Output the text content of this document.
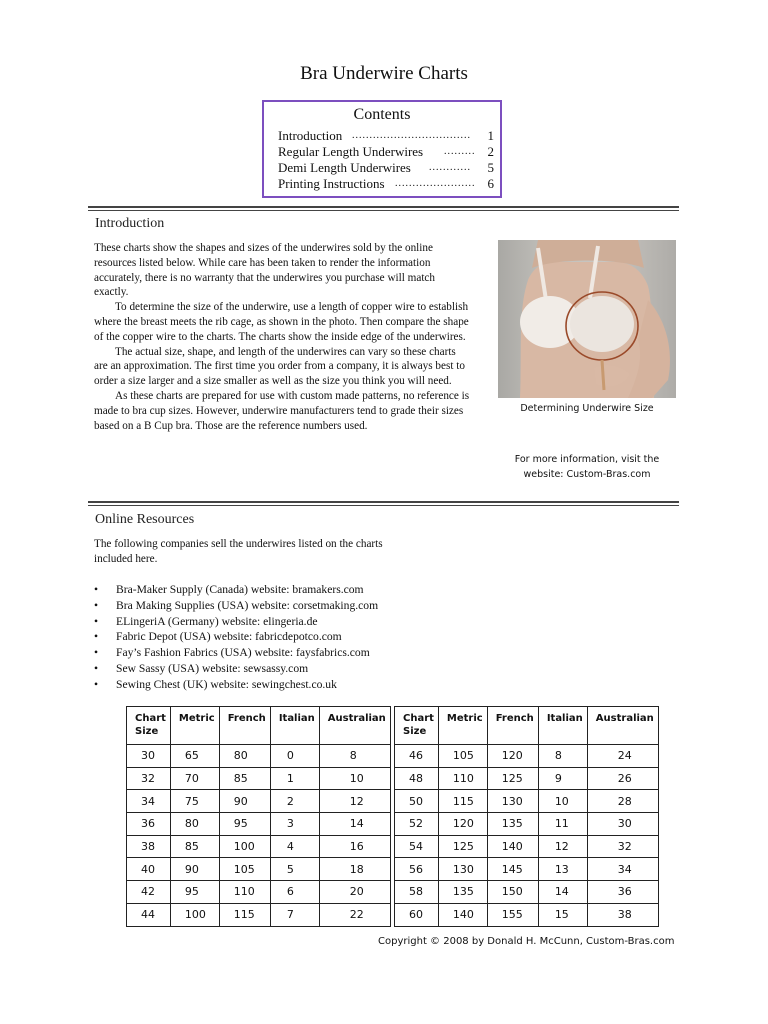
Bra Underwire Charts
Contents
Introduction ..................................	1
Regular Length Underwires ......... 2
Demi Length Underwires ............	5
Printing Instructions ....................... 6
Introduction

These charts show the shapes and sizes of the underwires sold by the online resources listed below. While care has been taken to render the information accurately, there is no warranty that the underwires you purchase will match exactly.

To determine the size of the underwire, use a length of copper wire to establish where the breast meets the rib cage, as shown in the photo. Then compare the shape of the copper wire to the charts. The charts show the inside edge of the underwires.

The actual size, shape, and length of the underwires can vary so these charts are an approximation. The first time you order from a company, it is always best to order a size larger and a size smaller as well as the size you think you will need.

As these charts are prepared for use with custom made patterns, no reference is made to bra cup sizes. However, underwire manufacturers tend to grade their sizes based on a B Cup bra. Those are the reference numbers used.

Determining Underwire Size
For more information, visit the website: Custom-Bras.com
Online Resources
The following companies sell the underwires listed on the charts included here.
• Bra-Maker Supply (Canada) website: bramakers.com
• Bra Making Supplies (USA) website: corsetmaking.com
• ELingeriA (Germany) website: elingeria.de
• Fabric Depot (USA) website: fabricdepotco.com
• Fay’s Fashion Fabrics (USA) website: faysfabrics.com
• Sew Sassy (USA) website: sewsassy.com
• Sewing Chest (UK) website: sewingchest.co.uk
Chart Size	Metric	French	Italian	Australian
30	65	80	0	8
32	70	85	1	10
34	75	90	2	12
36	80	95	3	14
38	85	100	4	16
40	90	105	5	18
42	95	110	6	20
44	100	115	7	22
Chart Size	Metric	French	Italian	Australian
46	105	120	8	24
48	110	125	9	26
50	115	130	10	28
52	120	135	11	30
54	125	140	12	32
56	130	145	13	34
58	135	150	14	36
60	140	155	15	38
Copyright © 2008 by Donald H. McCunn, Custom-Bras.com
